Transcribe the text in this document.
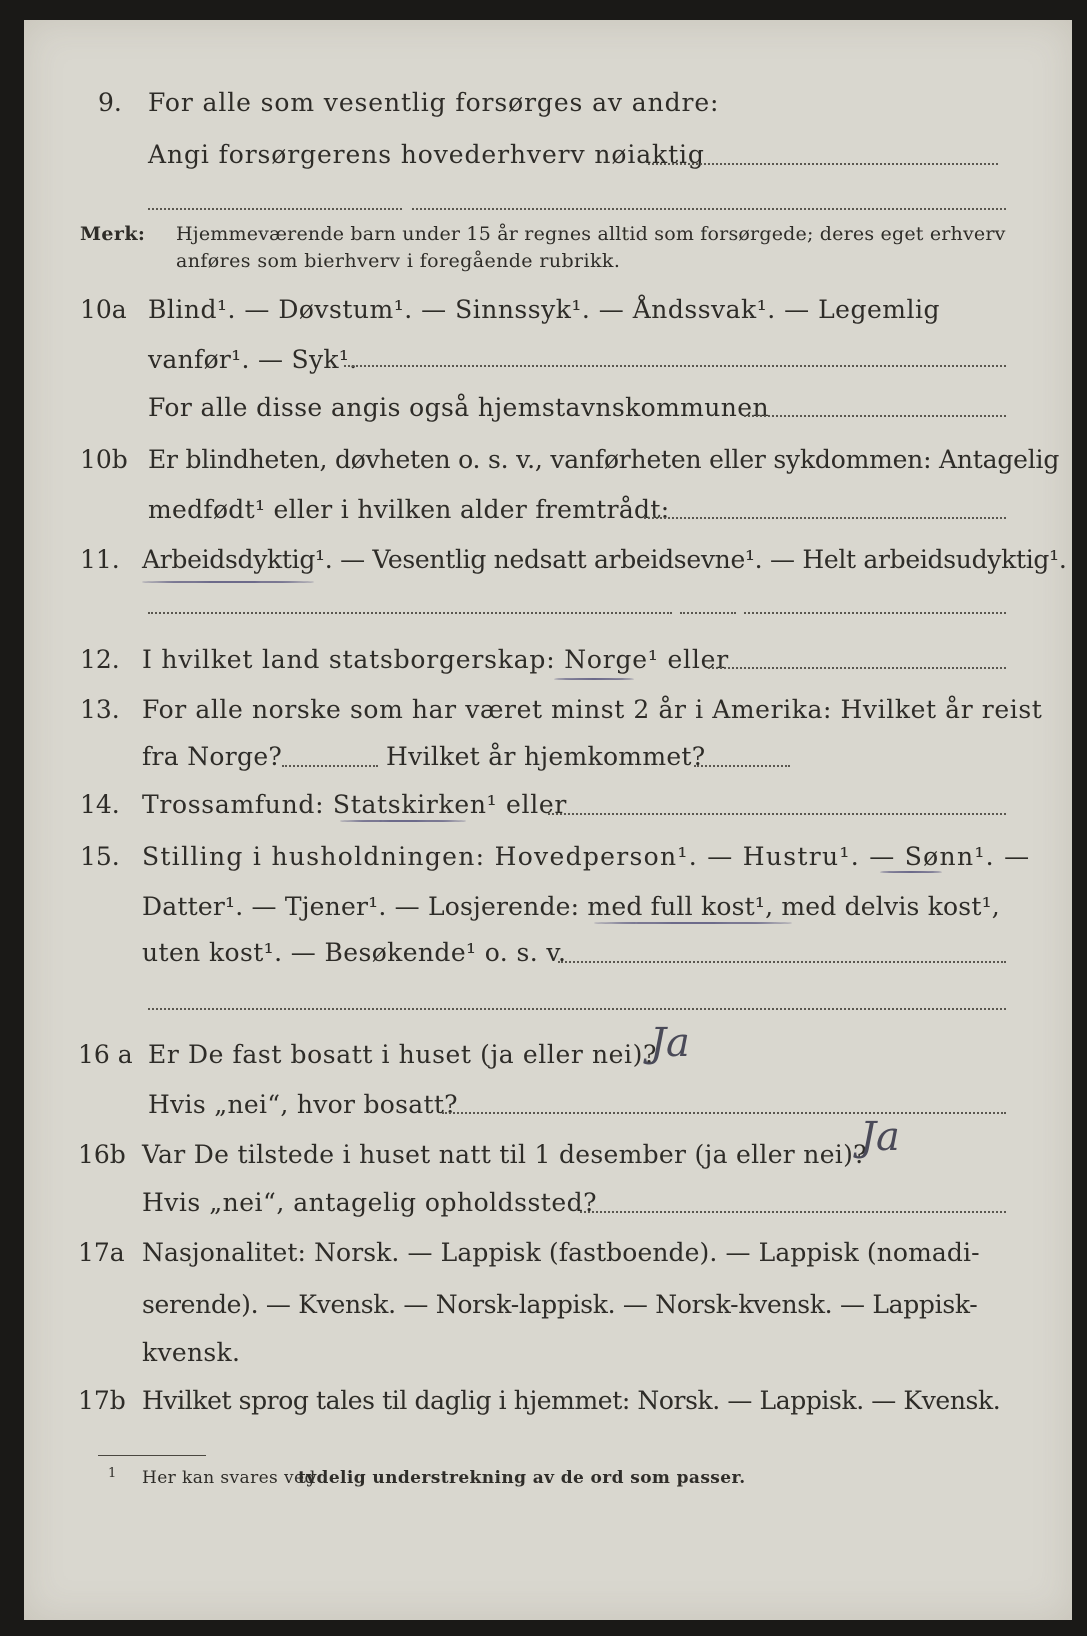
9. For alle som vesentlig forsørges av andre:
Angi forsørgerens hovederhverv nøiaktig
Merk: Hjemmeværende barn under 15 år regnes alltid som forsørgede; deres eget erhverv
anføres som bierhverv i foregående rubrikk.
10a Blind¹. — Døvstum¹. — Sinnssyk¹. — Åndssvak¹. — Legemlig
vanfør¹. — Syk¹.
For alle disse angis også hjemstavnskommunen
10b Er blindheten, døvheten o. s. v., vanførheten eller sykdommen: Antagelig
medfødt¹ eller i hvilken alder fremtrådt:
11. Arbeidsdyktig¹. — Vesentlig nedsatt arbeidsevne¹. — Helt arbeidsudyktig¹.
12. I hvilket land statsborgerskap: Norge¹ eller
13. For alle norske som har været minst 2 år i Amerika: Hvilket år reist
fra Norge?	Hvilket år hjemkommet?
14. Trossamfund: Statskirken¹ eller
15. Stilling i husholdningen: Hovedperson¹. — Hustru¹. — Sønn¹. —
Datter¹. — Tjener¹. — Losjerende: med full kost¹, med delvis kost¹,
uten kost¹. — Besøkende¹ o. s. v.
16 a Er De fast bosatt i huset (ja eller nei)?
Ja
Hvis „nei“, hvor bosatt?
16b Var De tilstede i huset natt til 1 desember (ja eller nei)?
Ja
Hvis „nei“, antagelig opholdssted?
17a Nasjonalitet: Norsk. — Lappisk (fastboende). — Lappisk (nomadi-
serende). — Kvensk. — Norsk-lappisk. — Norsk-kvensk. — Lappisk-
kvensk.
17b Hvilket sprog tales til daglig i hjemmet: Norsk. — Lappisk. — Kvensk.
1 Her kan svares ved
tydelig understrekning av de ord som passer.
